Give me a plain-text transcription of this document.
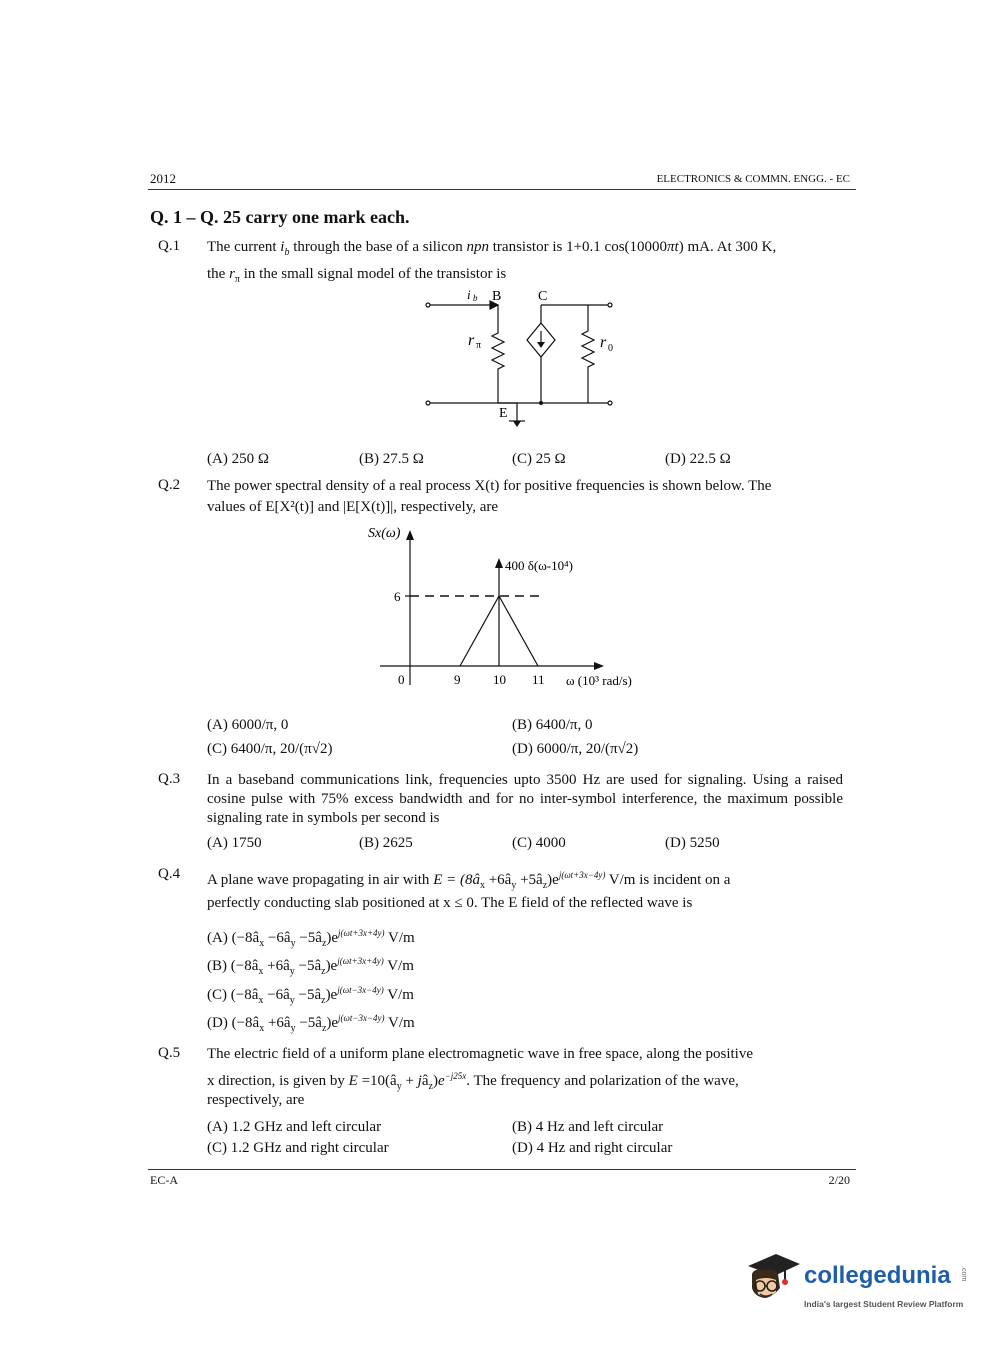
2012	ELECTRONICS & COMMN. ENGG. - EC
Q. 1 – Q. 25 carry one mark each.
Q.1 The current $i_b$ through the base of a silicon npn transistor is 1+0.1 cos(10000πt) mA. At 300 K,
the $r_\pi$ in the small signal model of the transistor is
i b B	C
E
r π	r 0
(A) 250 Ω	(B) 27.5 Ω	(C) 25 Ω	(D) 22.5 Ω
Q.2 The power spectral density of a real process X(t) for positive frequencies is shown below. The
values of E[X²(t)] and |E[X(t)]|, respectively, are
Sx(ω)
ω (10³ rad/s)
400 δ(ω-10⁴)
6
0	9	10 11
(A) 6000/π, 0	(B) 6400/π, 0
(C) 6400/π, 20/(π√2)	(D) 6000/π, 20/(π√2)
Q.3 In a baseband communications link, frequencies upto 3500 Hz are used for signaling. Using a raised cosine pulse with 75% excess bandwidth and for no inter-symbol interference, the maximum possible signaling rate in symbols per second is
(A) 1750	(B) 2625	(C) 4000	(D) 5250
Q.4 A plane wave propagating in air with $E = (8â_x$ $+6â_y$ $+5â_z)e^{j(\omega t+3x-4y)}$ V/m is incident on a
perfectly conducting slab positioned at x ≤ 0. The E field of the reflected wave is
(A) ($-8â_x$ $-6â_y$ $-5â_z)e^{j(\omega t+3x+4y)}$ V/m
(B) ($-8â_x$ $+6â_y$ $-5â_z)e^{j(\omega t+3x+4y)}$ V/m
(C) ($-8â_x$ $-6â_y$ $-5â_z)e^{j(\omega t-3x-4y)}$ V/m
(D) ($-8â_x$ $+6â_y$ $-5â_z)e^{j(\omega t-3x-4y)}$ V/m
Q.5 The electric field of a uniform plane electromagnetic wave in free space, along the positive
x direction, is given by $E =10(â_y$ + $jâ_z)e^{-j25x}$. The frequency and polarization of the wave,
respectively, are
(A) 1.2 GHz and left circular	(B) 4 Hz and left circular
(C) 1.2 GHz and right circular	(D) 4 Hz and right circular
EC-A	2/20
collegedunia .com
India's largest Student Review Platform
